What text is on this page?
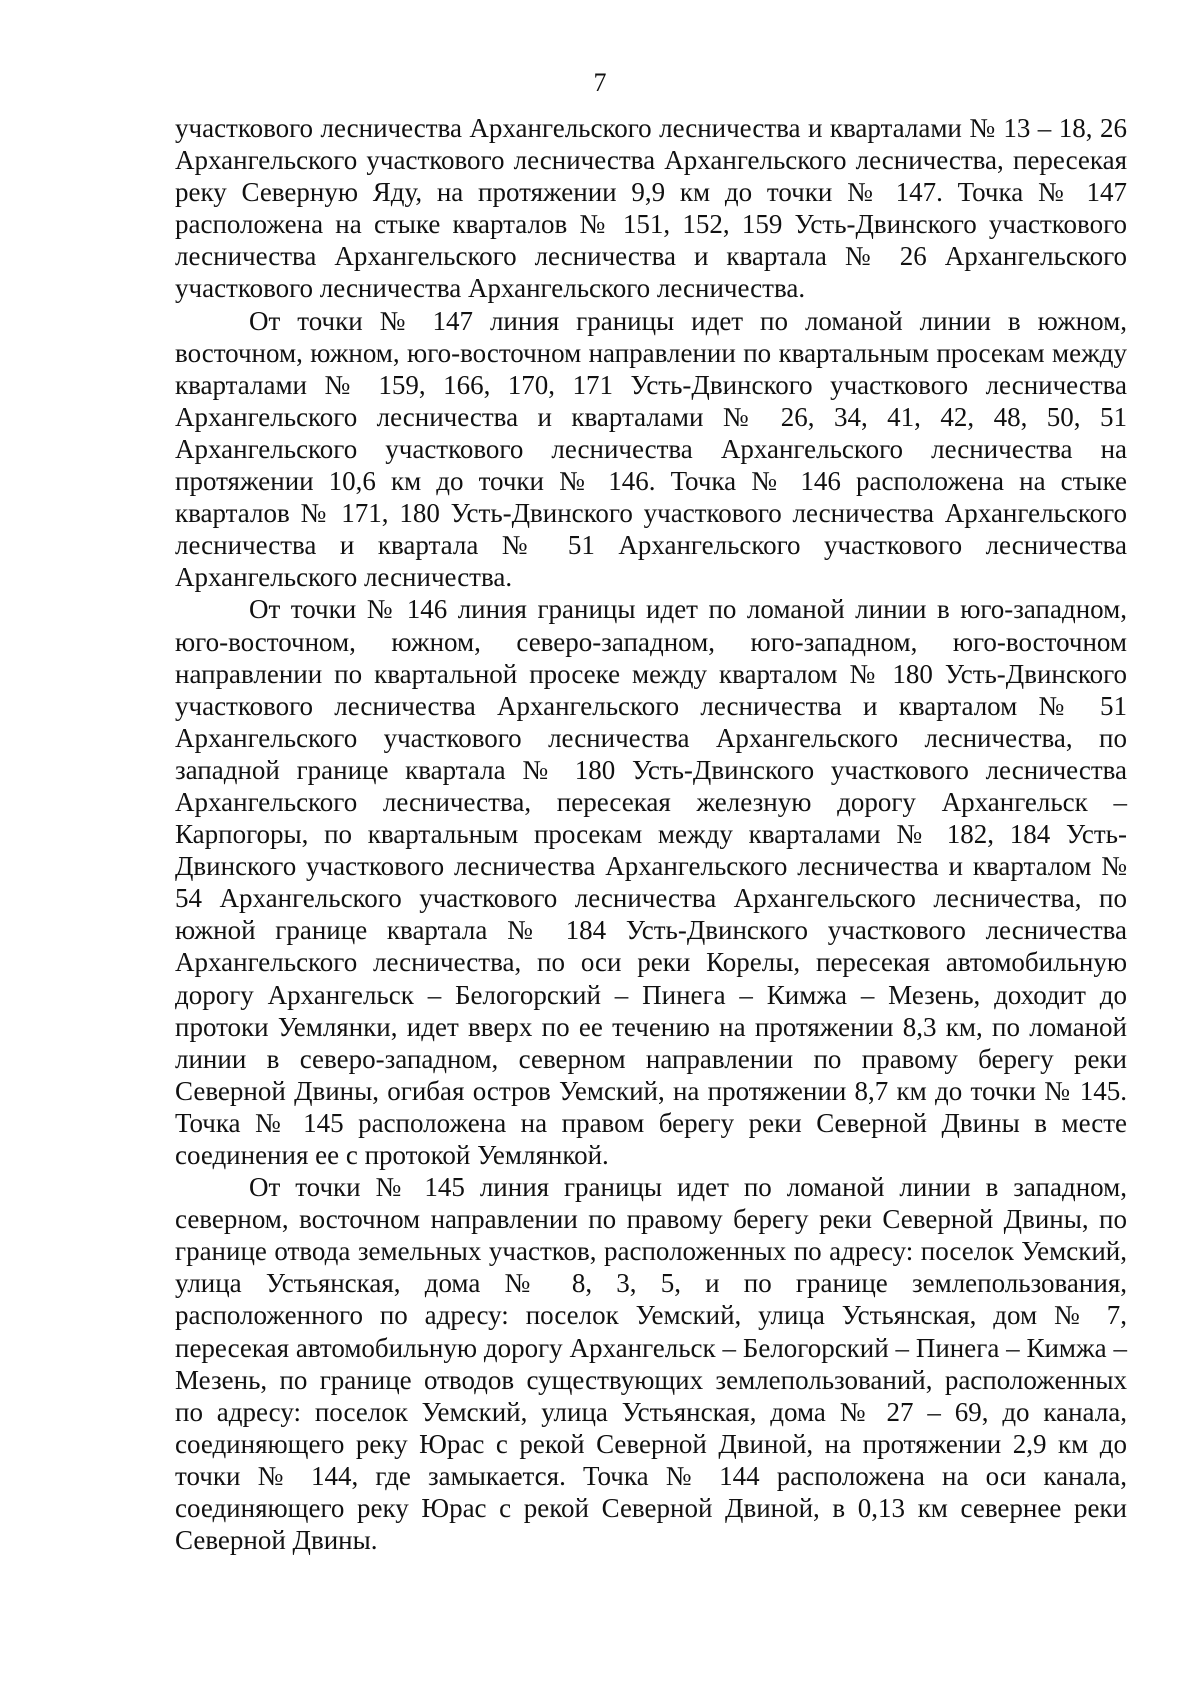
7

участкового лесничества Архангельского лесничества и кварталами № 13 – 18, 26 Архангельского участкового лесничества Архангельского лесничества, пересекая реку Северную Яду, на протяжении 9,9 км до точки № 147. Точка № 147 расположена на стыке кварталов № 151, 152, 159 Усть-Двинского участкового лесничества Архангельского лесничества и квартала № 26 Архангельского участкового лесничества Архангельского лесничества.

От точки № 147 линия границы идет по ломаной линии в южном, восточном, южном, юго-восточном направлении по квартальным просекам между кварталами № 159, 166, 170, 171 Усть-Двинского участкового лесничества Архангельского лесничества и кварталами № 26, 34, 41, 42, 48, 50, 51 Архангельского участкового лесничества Архангельского лесничества на протяжении 10,6 км до точки № 146. Точка № 146 расположена на стыке кварталов № 171, 180 Усть-Двинского участкового лесничества Архангельского лесничества и квартала № 51 Архангельского участкового лесничества Архангельского лесничества.

От точки № 146 линия границы идет по ломаной линии в юго-западном, юго-восточном, южном, северо-западном, юго-западном, юго-восточном направлении по квартальной просеке между кварталом № 180 Усть-Двинского участкового лесничества Архангельского лесничества и кварталом № 51 Архангельского участкового лесничества Архангельского лесничества, по западной границе квартала № 180 Усть-Двинского участкового лесничества Архангельского лесничества, пересекая железную дорогу Архангельск – Карпогоры, по квартальным просекам между кварталами № 182, 184 Усть-Двинского участкового лесничества Архангельского лесничества и кварталом № 54 Архангельского участкового лесничества Архангельского лесничества, по южной границе квартала № 184 Усть-Двинского участкового лесничества Архангельского лесничества, по оси реки Корелы, пересекая автомобильную дорогу Архангельск – Белогорский – Пинега – Кимжа – Мезень, доходит до протоки Уемлянки, идет вверх по ее течению на протяжении 8,3 км, по ломаной линии в северо-западном, северном направлении по правому берегу реки Северной Двины, огибая остров Уемский, на протяжении 8,7 км до точки № 145. Точка № 145 расположена на правом берегу реки Северной Двины в месте соединения ее с протокой Уемлянкой.

От точки № 145 линия границы идет по ломаной линии в западном, северном, восточном направлении по правому берегу реки Северной Двины, по границе отвода земельных участков, расположенных по адресу: поселок Уемский, улица Устьянская, дома № 8, 3, 5, и по границе землепользования, расположенного по адресу: поселок Уемский, улица Устьянская, дом № 7, пересекая автомобильную дорогу Архангельск – Белогорский – Пинега – Кимжа – Мезень, по границе отводов существующих землепользований, расположенных по адресу: поселок Уемский, улица Устьянская, дома № 27 – 69, до канала, соединяющего реку Юрас с рекой Северной Двиной, на протяжении 2,9 км до точки № 144, где замыкается. Точка № 144 расположена на оси канала, соединяющего реку Юрас с рекой Северной Двиной, в 0,13 км севернее реки Северной Двины.
